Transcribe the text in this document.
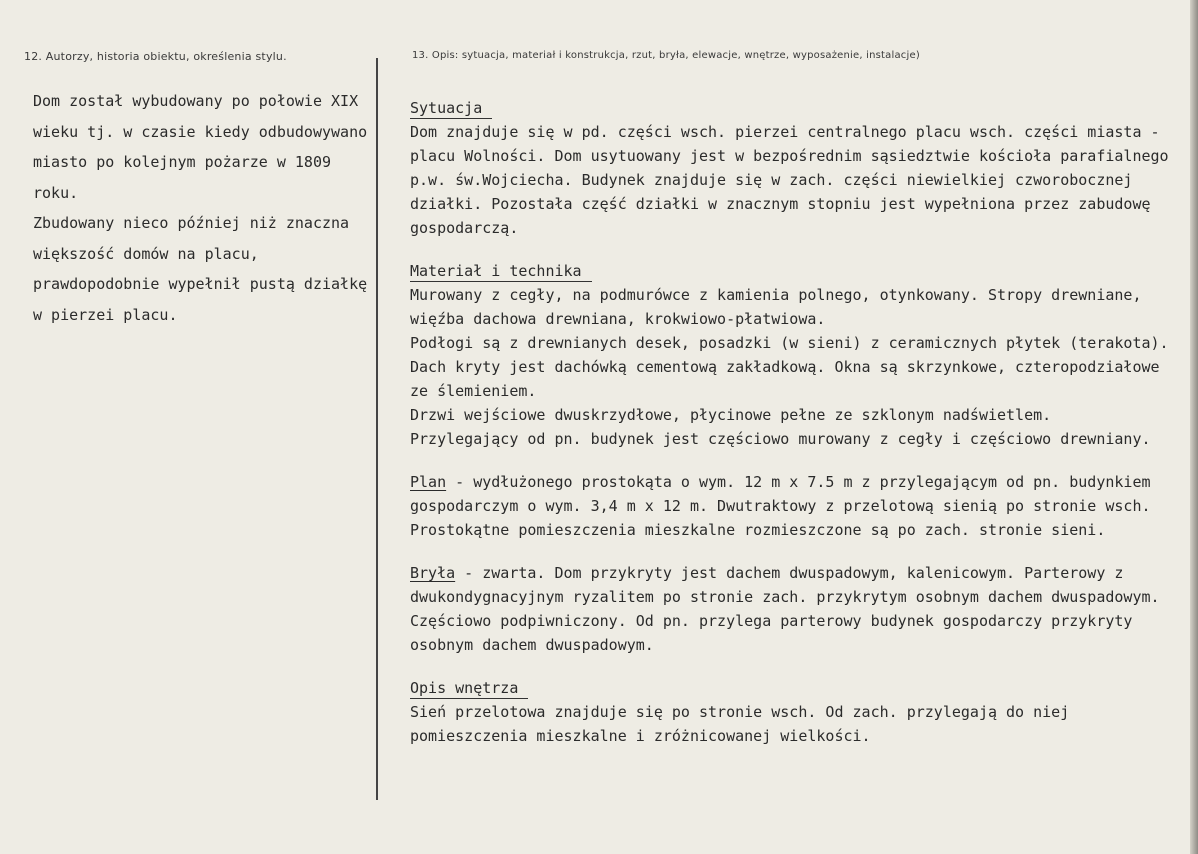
12. Autorzy, historia obiektu, określenia stylu.	13. Opis: sytuacja, materiał i konstrukcja, rzut, bryła, elewacje, wnętrze, wyposażenie, instalacje)

Dom został wybudowany po połowie XIX wieku tj. w czasie kiedy odbudowywano miasto po kolejnym pożarze w 1809 roku.

Zbudowany nieco później niż znaczna większość domów na placu, prawdopodobnie wypełnił pustą działkę w pierzei placu.

Sytuacja

Dom znajduje się w pd. części wsch. pierzei centralnego placu wsch. części miasta - placu Wolności. Dom usytuowany jest w bezpośrednim sąsiedztwie kościoła parafialnego p.w. św.Wojciecha. Budynek znajduje się w zach. części niewielkiej czworobocznej działki. Pozostała część działki w znacznym stopniu jest wypełniona przez zabudowę gospodarczą.

Materiał i technika

Murowany z cegły, na podmurówce z kamienia polnego, otynkowany. Stropy drewniane, więźba dachowa drewniana, krokwiowo-płatwiowa.

Podłogi są z drewnianych desek, posadzki (w sieni) z ceramicznych płytek (terakota).

Dach kryty jest dachówką cementową zakładkową. Okna są skrzynkowe, czteropodziałowe ze ślemieniem.

Drzwi wejściowe dwuskrzydłowe, płycinowe pełne ze szklonym nadświetlem.

Przylegający od pn. budynek jest częściowo murowany z cegły i częściowo drewniany.

Plan - wydłużonego prostokąta o wym. 12 m x 7.5 m z przylegającym od pn. budynkiem gospodarczym o wym. 3,4 m x 12 m. Dwutraktowy z przelotową sienią po stronie wsch. Prostokątne pomieszczenia mieszkalne rozmieszczone są po zach. stronie sieni.

Bryła - zwarta. Dom przykryty jest dachem dwuspadowym, kalenicowym. Parterowy z dwukondygnacyjnym ryzalitem po stronie zach. przykrytym osobnym dachem dwuspadowym. Częściowo podpiwniczony. Od pn. przylega parterowy budynek gospodarczy przykryty osobnym dachem dwuspadowym.

Opis wnętrza

Sień przelotowa znajduje się po stronie wsch. Od zach. przylegają do niej pomieszczenia mieszkalne i zróżnicowanej wielkości.
